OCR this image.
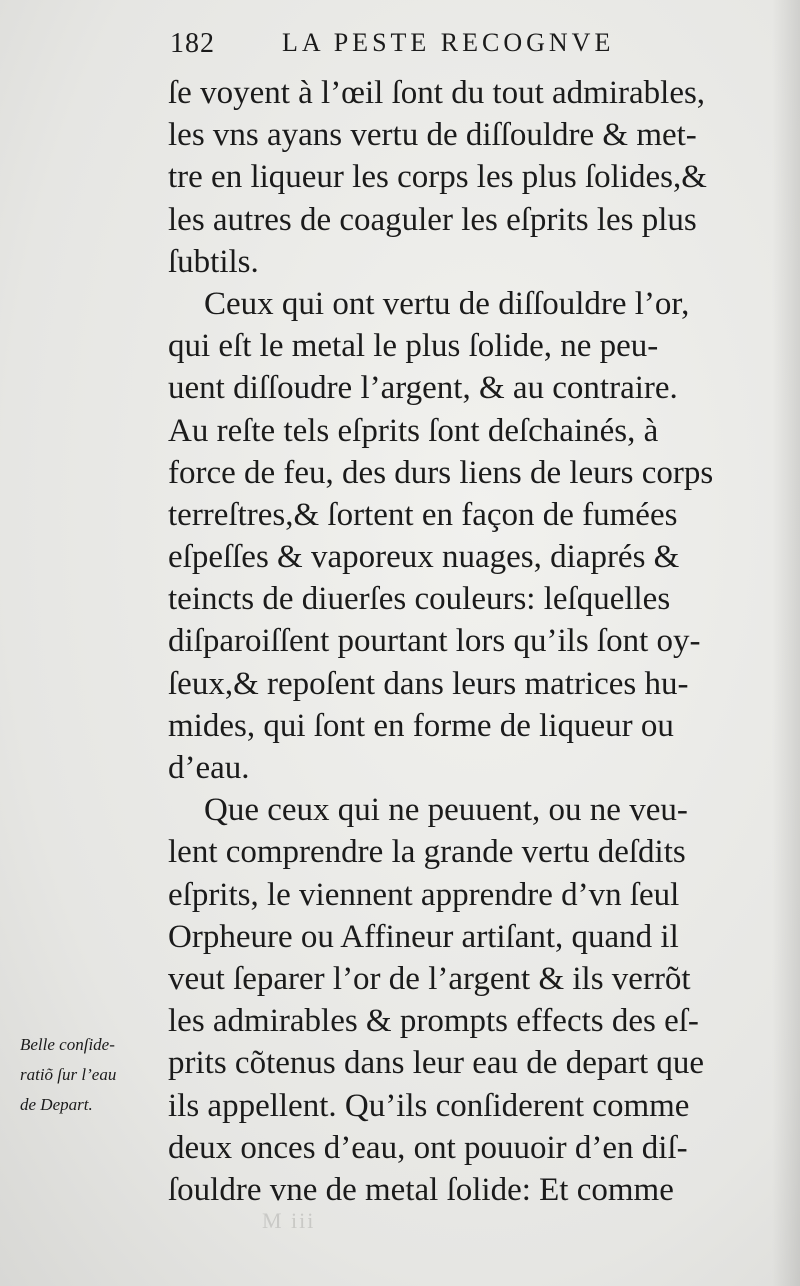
182	LA PESTE RECOGNVE
ſe voyent à l’œil ſont du tout admirables,
les vns ayans vertu de diſſouldre & met-
tre en liqueur les corps les plus ſolides,&
les autres de coaguler les eſprits les plus
ſubtils.
Ceux qui ont vertu de diſſouldre l’or,
qui eſt le metal le plus ſolide, ne peu-
uent diſſoudre l’argent, & au contraire.
Au reſte tels eſprits ſont deſchainés, à
force de feu, des durs liens de leurs corps
terreſtres,& ſortent en façon de fumées
eſpeſſes & vaporeux nuages, diaprés &
teincts de diuerſes couleurs: leſquelles
diſparoiſſent pourtant lors qu’ils ſont oy-
ſeux,& repoſent dans leurs matrices hu-
mides, qui ſont en forme de liqueur ou
d’eau.
Que ceux qui ne peuuent, ou ne veu-
lent comprendre la grande vertu deſdits
eſprits, le viennent apprendre d’vn ſeul
Orpheure ou Affineur artiſant, quand il
veut ſeparer l’or de l’argent & ils verrõt
les admirables & prompts effects des eſ-
prits cõtenus dans leur eau de depart que
ils appellent. Qu’ils conſiderent comme
deux onces d’eau, ont pouuoir d’en diſ-
ſouldre vne de metal ſolide: Et comme
Belle conſide-
ratiõ ſur l’eau
de Depart.
M iii
